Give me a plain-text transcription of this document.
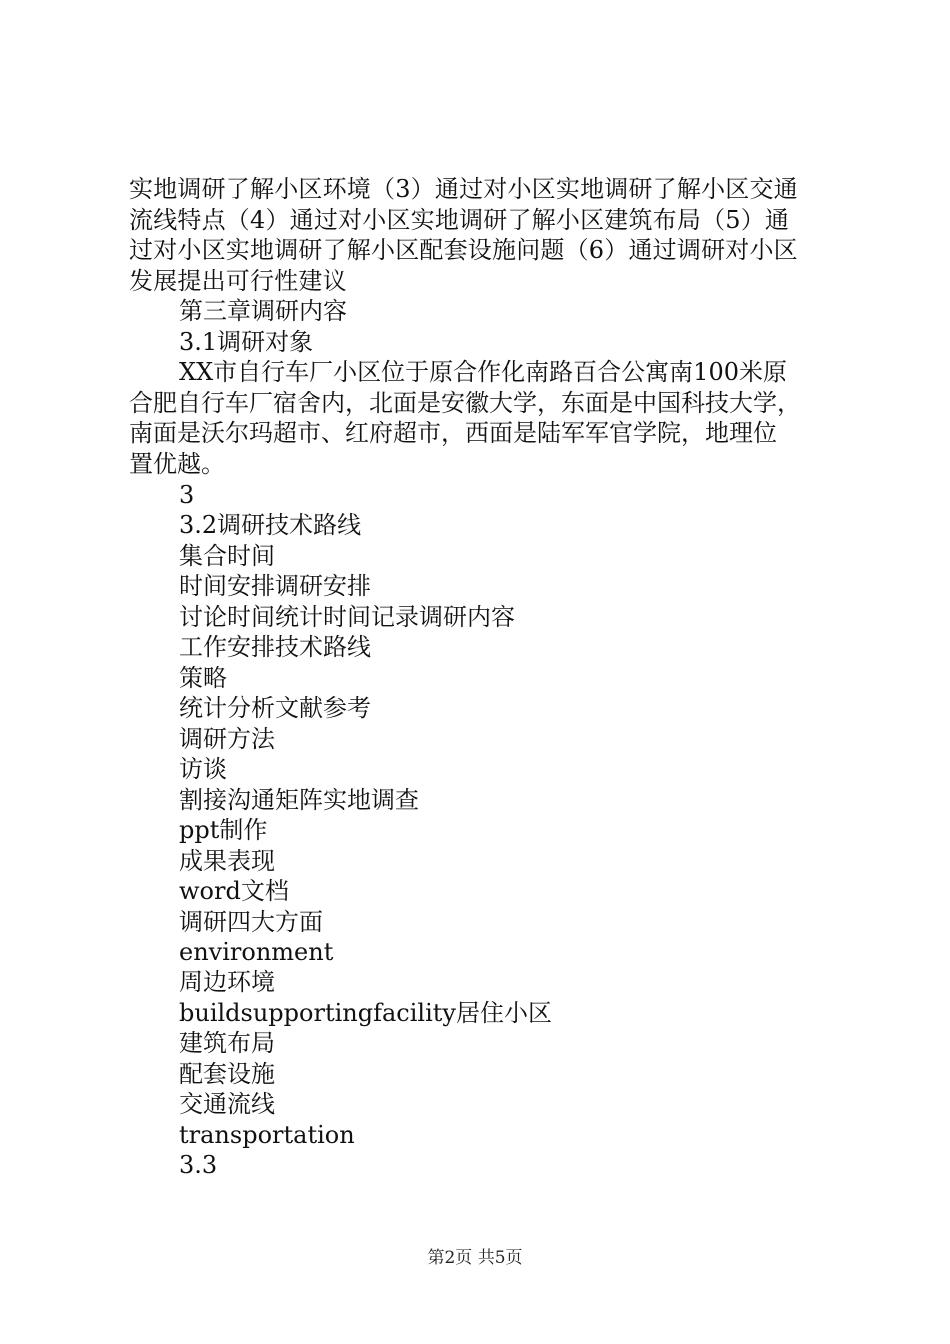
实地调研了解小区环境（3）通过对小区实地调研了解小区交通
流线特点（4）通过对小区实地调研了解小区建筑布局（5）通
过对小区实地调研了解小区配套设施问题（6）通过调研对小区
发展提出可行性建议
第三章调研内容
3.1调研对象
XX市自行车厂小区位于原合作化南路百合公寓南100米原
合肥自行车厂宿舍内，北面是安徽大学，东面是中国科技大学，
南面是沃尔玛超市、红府超市，西面是陆军军官学院，地理位
置优越。
3
3.2调研技术路线
集合时间
时间安排调研安排
讨论时间统计时间记录调研内容
工作安排技术路线
策略
统计分析文献参考
调研方法
访谈
割接沟通矩阵实地调查
ppt制作
成果表现
word文档
调研四大方面
environment
周边环境
buildsupportingfacility居住小区
建筑布局
配套设施
交通流线
transportation
3.3
第2页 共5页
